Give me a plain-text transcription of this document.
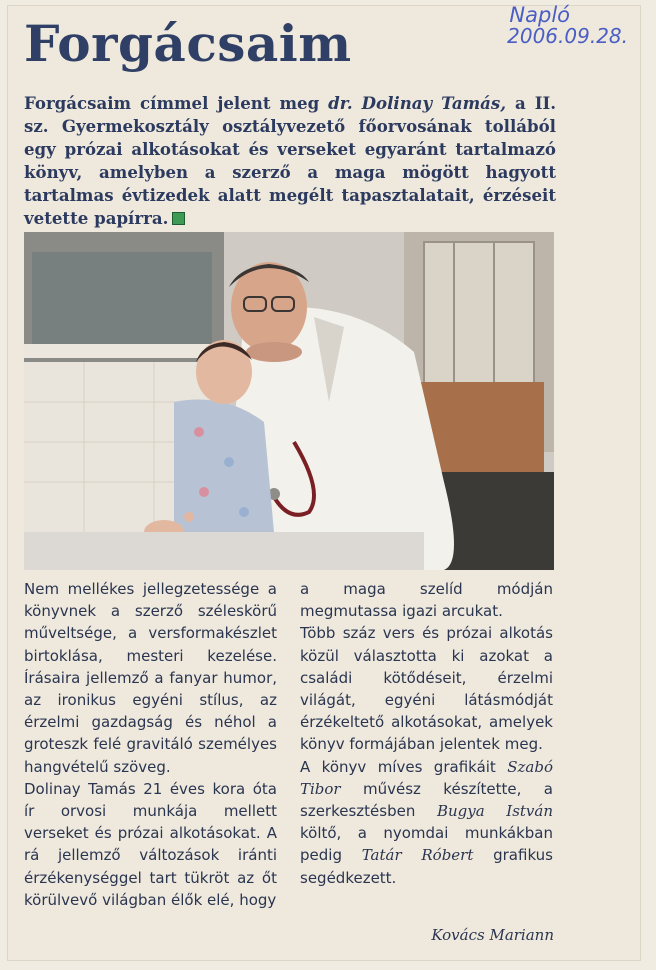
Napló
2006.09.28.
Forgácsaim

Forgácsaim címmel jelent meg dr. Dolinay Tamás, a II. sz. Gyermekosztály osztályvezető főorvosának tollából egy prózai alkotásokat és verseket egyaránt tartalmazó könyv, amelyben a szerző a maga mögött hagyott tartalmas évtizedek alatt megélt tapasztalatait, érzéseit vetette papírra.

Nem mellékes jellegzetessége a könyvnek a szerző széleskörű műveltsége, a versformakészlet birtoklása, mesteri kezelése. Írásaira jellemző a fanyar humor, az ironikus egyéni stílus, az érzelmi gazdagság és néhol a groteszk felé gravitáló személyes hangvételű szöveg.

Dolinay Tamás 21 éves kora óta ír orvosi munkája mellett verseket és prózai alkotásokat. A rá jellemző változások iránti érzékenységgel tart tükröt az őt körülvevő világban élők elé, hogy

a maga szelíd módján megmutassa igazi arcukat.

Több száz vers és prózai alkotás közül választotta ki azokat a családi kötődéseit, érzelmi világát, egyéni látásmódját érzékeltető alkotásokat, amelyek könyv formájában jelentek meg.

A könyv míves grafikáit Szabó Tibor művész készítette, a szerkesztésben Bugya István költő, a nyomdai munkákban pedig Tatár Róbert grafikus segédkezett.

Kovács Mariann
